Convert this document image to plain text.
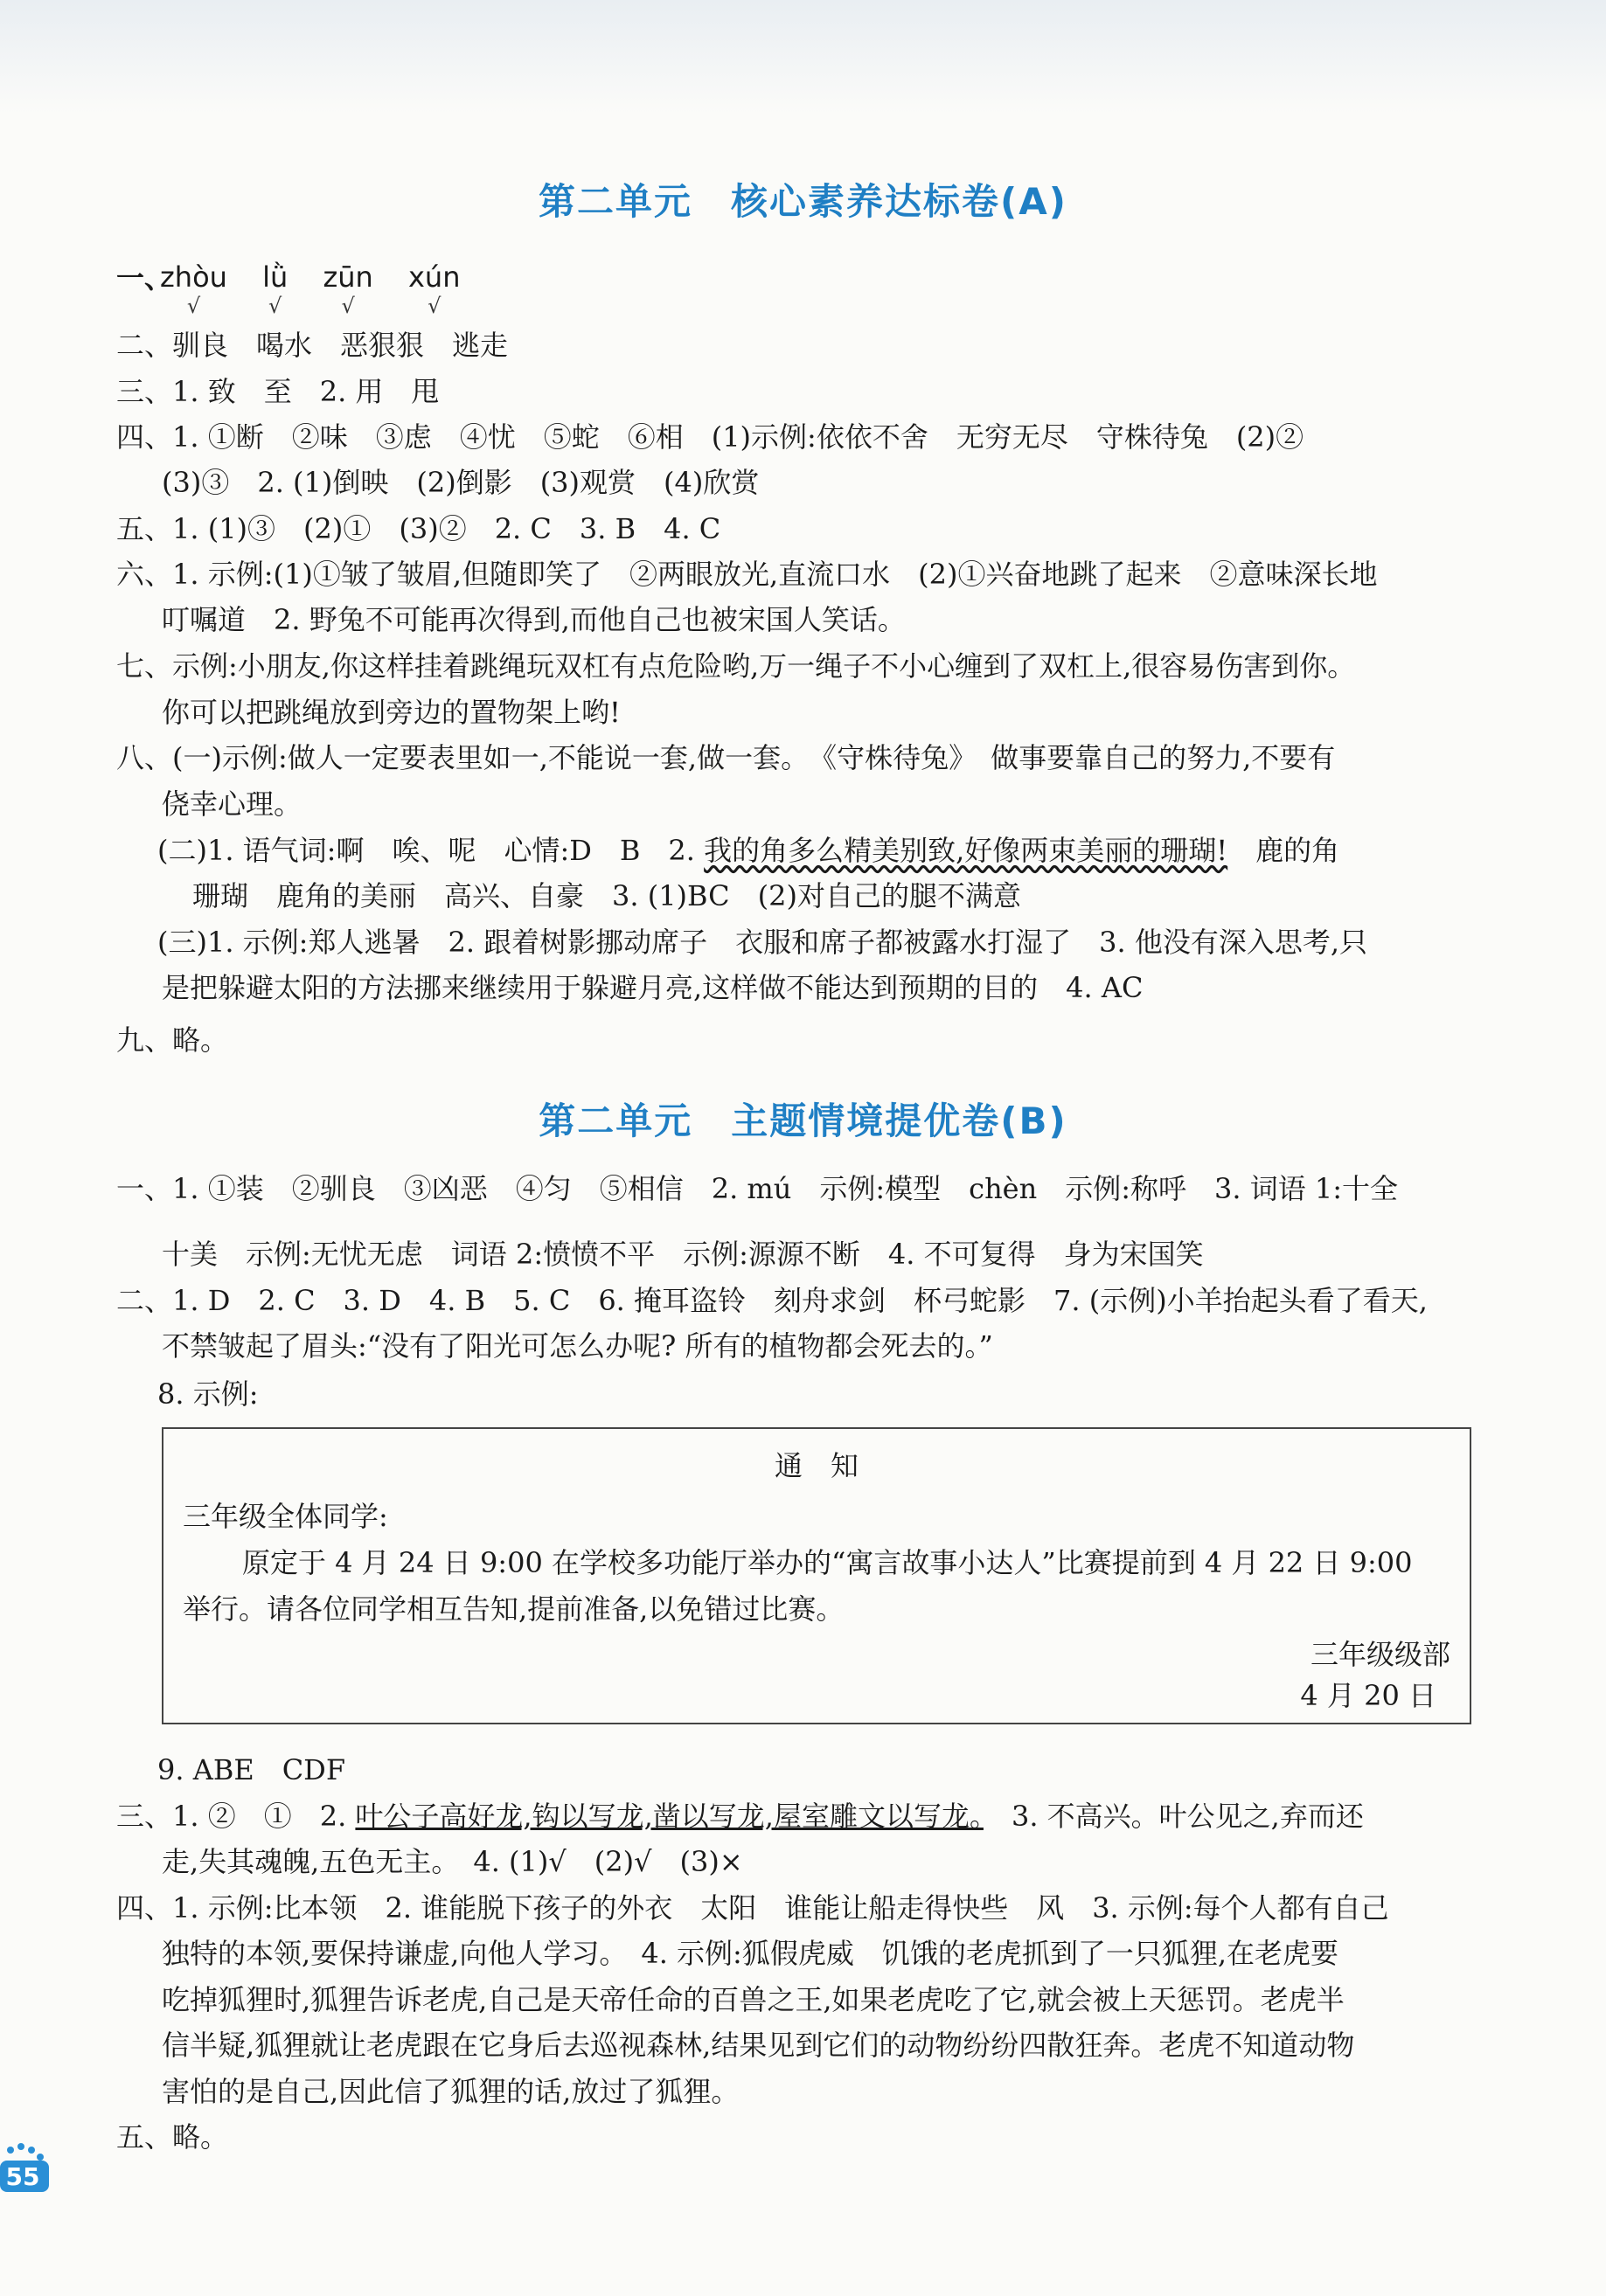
第二单元　核心素养达标卷(A)
一、
zhòu
√
lǜ
√
zūn
√
xún
√
二、驯良　喝水　恶狠狠　逃走
三、1. 致　至　2. 用　甩
四、1. ①断　②味　③虑　④忧　⑤蛇　⑥相　(1)示例:依依不舍　无穷无尽　守株待兔　(2)②
(3)③　2. (1)倒映　(2)倒影　(3)观赏　(4)欣赏
五、1. (1)③　(2)①　(3)②　2. C　3. B　4. C
六、1. 示例:(1)①皱了皱眉,但随即笑了　②两眼放光,直流口水　(2)①兴奋地跳了起来　②意味深长地
叮嘱道　2. 野兔不可能再次得到,而他自己也被宋国人笑话。
七、示例:小朋友,你这样挂着跳绳玩双杠有点危险哟,万一绳子不小心缠到了双杠上,很容易伤害到你。
你可以把跳绳放到旁边的置物架上哟!
八、(一)示例:做人一定要表里如一,不能说一套,做一套。　《守株待兔》　做事要靠自己的努力,不要有
侥幸心理。
(二)1. 语气词:啊　唉、呢　心情:D　B　2. 我的角多么精美别致,好像两束美丽的珊瑚!　鹿的角
珊瑚　鹿角的美丽　高兴、自豪　3. (1)BC　(2)对自己的腿不满意
(三)1. 示例:郑人逃暑　2. 跟着树影挪动席子　衣服和席子都被露水打湿了　3. 他没有深入思考,只
是把躲避太阳的方法挪来继续用于躲避月亮,这样做不能达到预期的目的　4. AC
九、略。
第二单元　主题情境提优卷(B)
一、1. ①装　②驯良　③凶恶　④匀　⑤相信　2. mú　示例:模型　chèn　示例:称呼　3. 词语 1:十全
十美　示例:无忧无虑　词语 2:愤愤不平　示例:源源不断　4. 不可复得　身为宋国笑
二、1. D　2. C　3. D　4. B　5. C　6. 掩耳盗铃　刻舟求剑　杯弓蛇影　7. (示例)小羊抬起头看了看天,
不禁皱起了眉头:“没有了阳光可怎么办呢? 所有的植物都会死去的。”
8. 示例:
通　知
三年级全体同学:
原定于 4 月 24 日 9:00 在学校多功能厅举办的“寓言故事小达人”比赛提前到 4 月 22 日 9:00
举行。请各位同学相互告知,提前准备,以免错过比赛。
三年级级部
4 月 20 日
9. ABE　CDF
三、1. ②　①　2. 叶公子高好龙,钩以写龙,凿以写龙,屋室雕文以写龙。　3. 不高兴。叶公见之,弃而还
走,失其魂魄,五色无主。　4. (1)√　(2)√　(3)×
四、1. 示例:比本领　2. 谁能脱下孩子的外衣　太阳　谁能让船走得快些　风　3. 示例:每个人都有自己
独特的本领,要保持谦虚,向他人学习。　4. 示例:狐假虎威　饥饿的老虎抓到了一只狐狸,在老虎要
吃掉狐狸时,狐狸告诉老虎,自己是天帝任命的百兽之王,如果老虎吃了它,就会被上天惩罚。老虎半
信半疑,狐狸就让老虎跟在它身后去巡视森林,结果见到它们的动物纷纷四散狂奔。老虎不知道动物
害怕的是自己,因此信了狐狸的话,放过了狐狸。
五、略。
55
